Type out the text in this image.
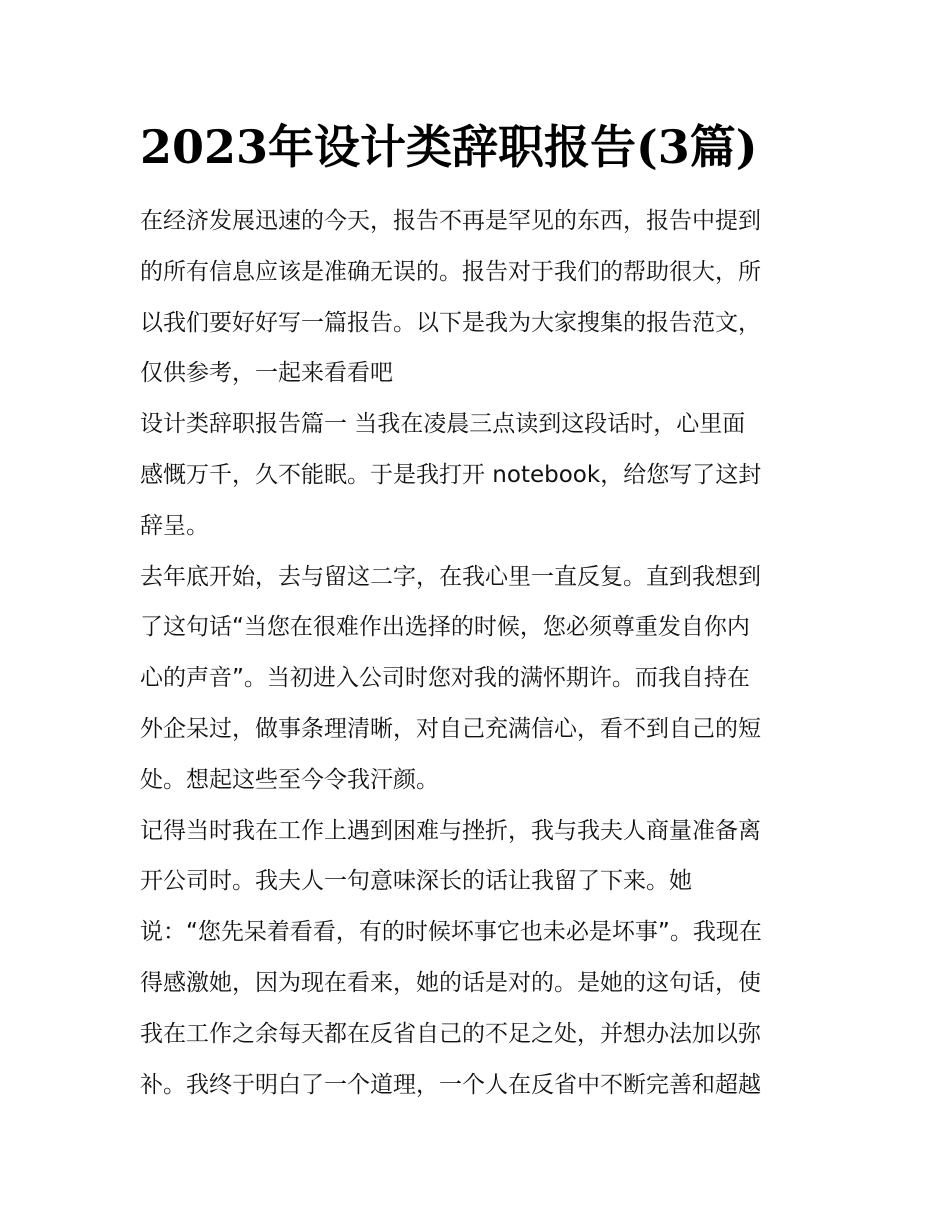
2023年设计类辞职报告(3篇)
在经济发展迅速的今天，报告不再是罕见的东西，报告中提到
的所有信息应该是准确无误的。报告对于我们的帮助很大，所
以我们要好好写一篇报告。以下是我为大家搜集的报告范文，
仅供参考，一起来看看吧
设计类辞职报告篇一 当我在凌晨三点读到这段话时，心里面
感慨万千，久不能眠。于是我打开 notebook，给您写了这封
辞呈。
去年底开始，去与留这二字，在我心里一直反复。直到我想到
了这句话“当您在很难作出选择的时候，您必须尊重发自你内
心的声音”。当初进入公司时您对我的满怀期许。而我自持在
外企呆过，做事条理清晰，对自己充满信心，看不到自己的短
处。想起这些至今令我汗颜。
记得当时我在工作上遇到困难与挫折，我与我夫人商量准备离
开公司时。我夫人一句意味深长的话让我留了下来。她
说：“您先呆着看看，有的时候坏事它也未必是坏事”。我现在
得感激她，因为现在看来，她的话是对的。是她的这句话，使
我在工作之余每天都在反省自己的不足之处，并想办法加以弥
补。我终于明白了一个道理，一个人在反省中不断完善和超越
